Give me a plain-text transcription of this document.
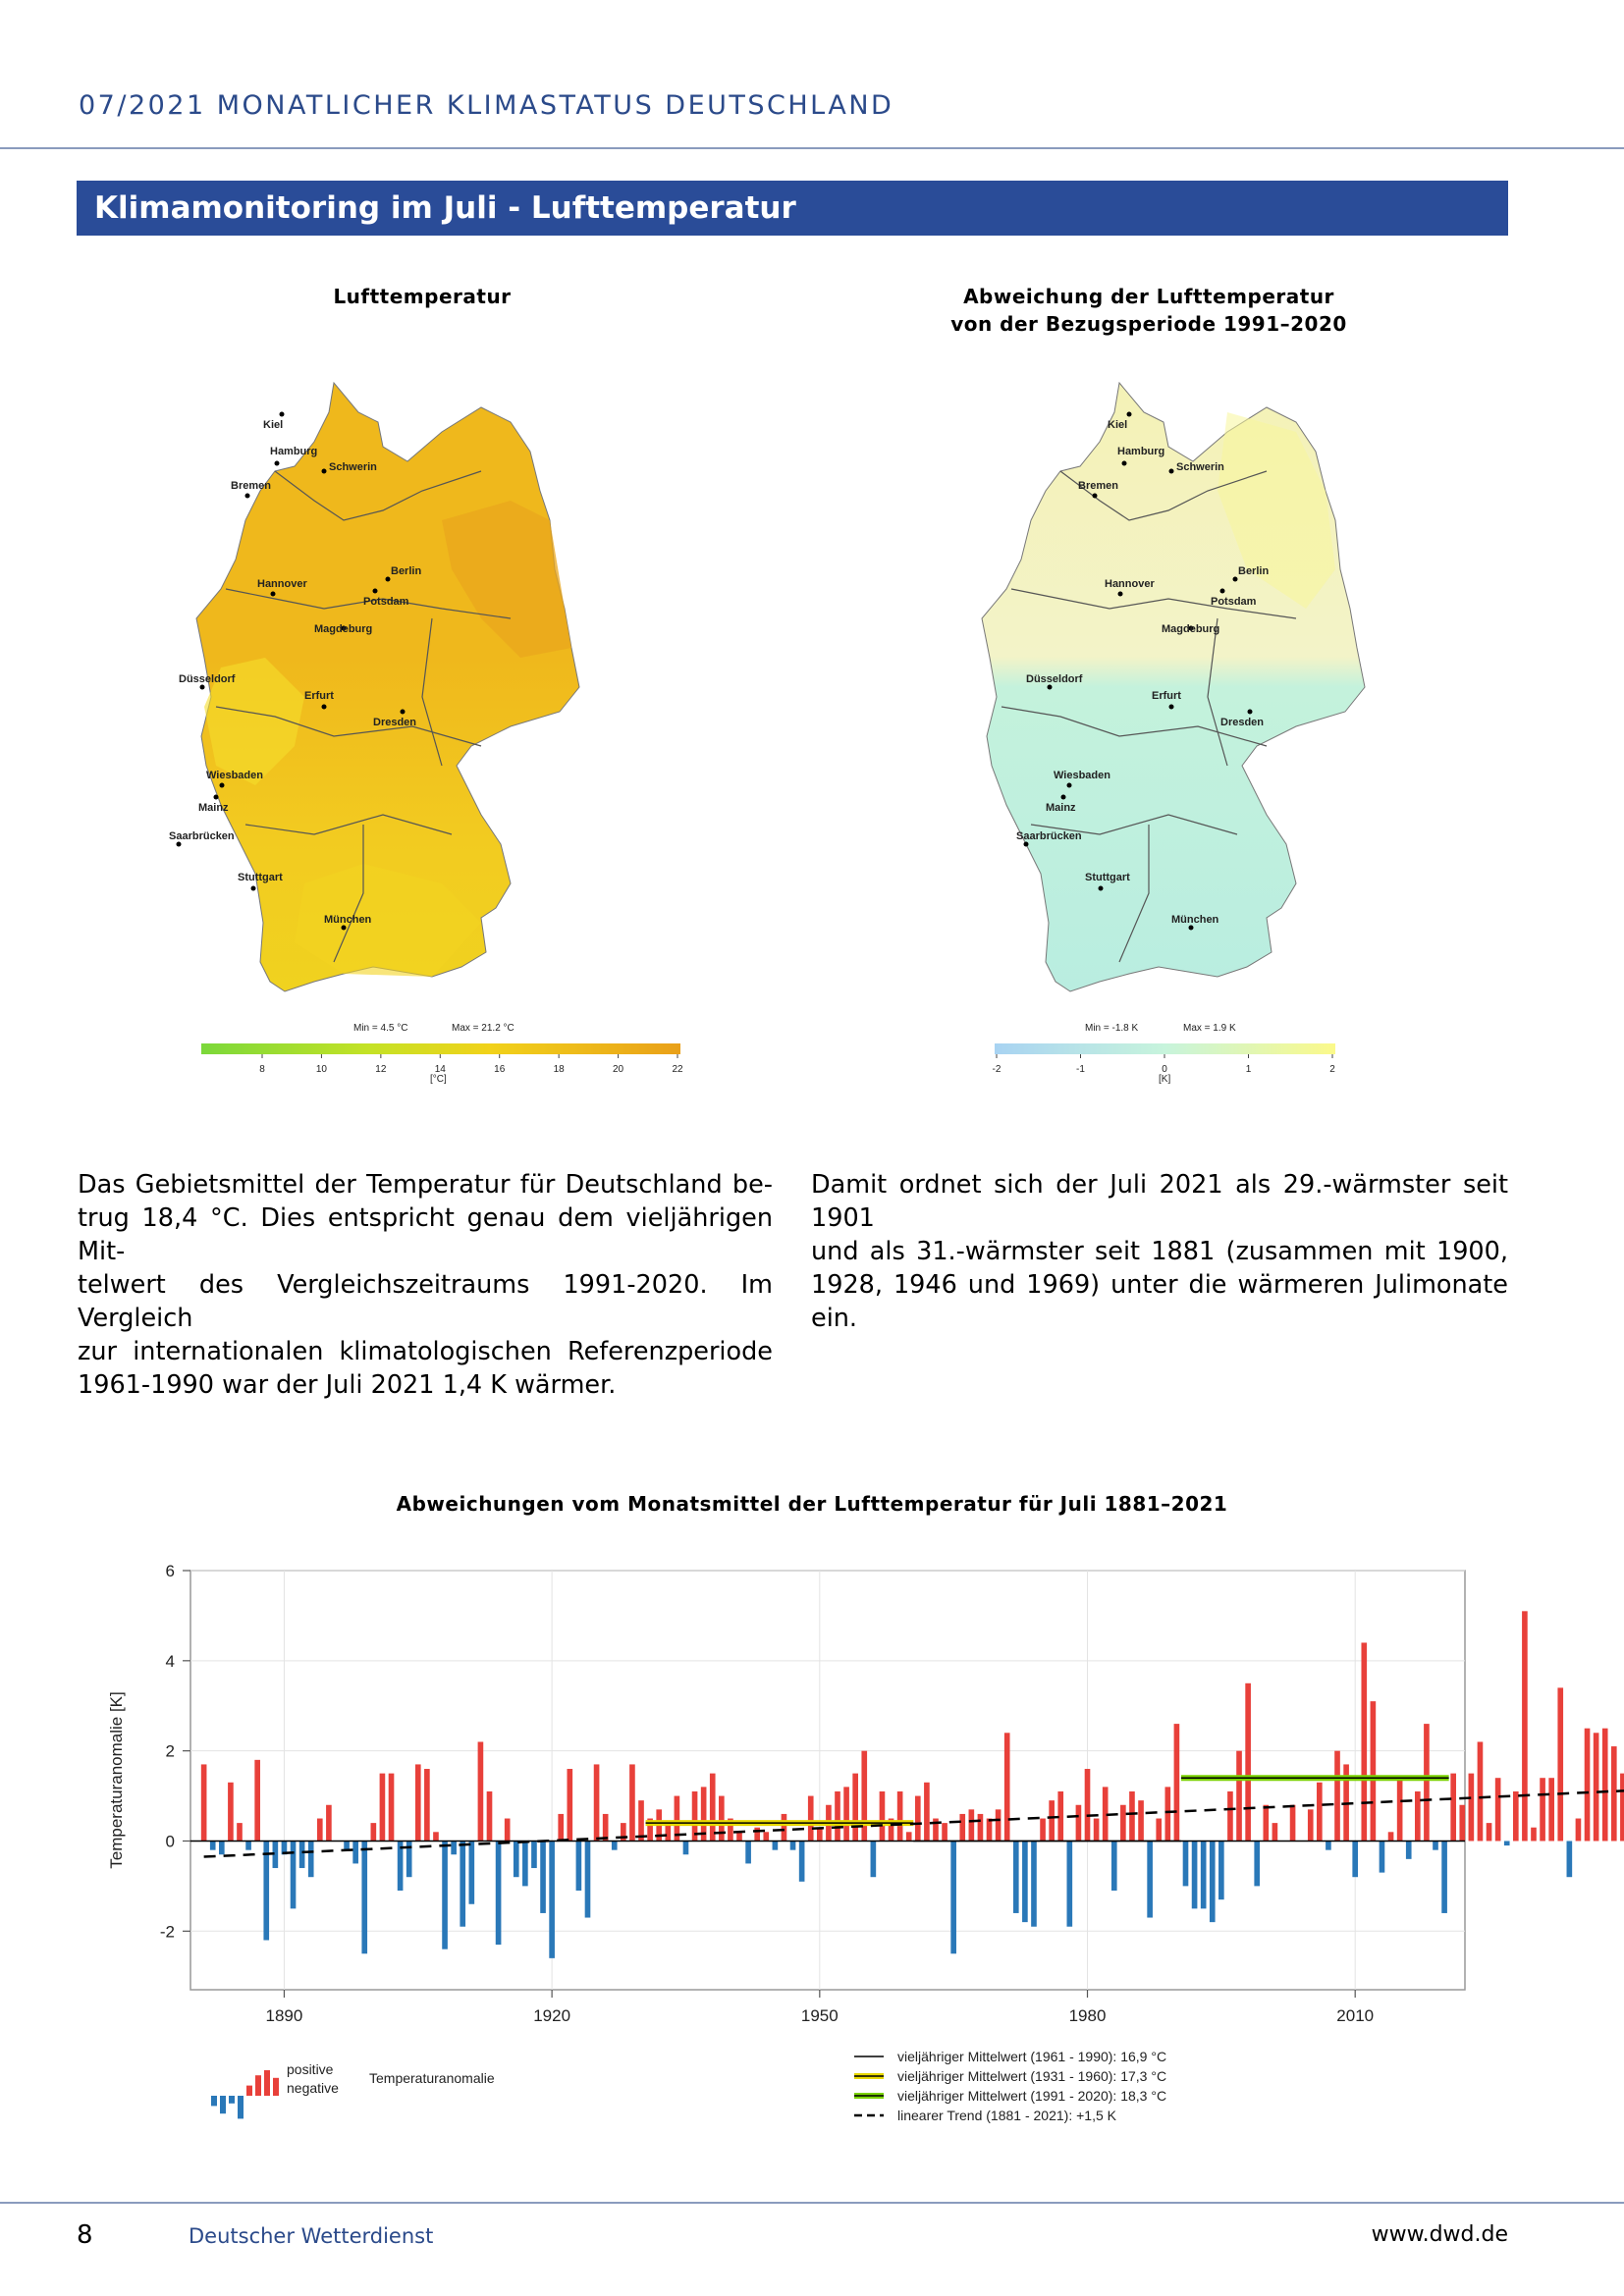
07/2021 MONATLICHER KLIMASTATUS DEUTSCHLAND
Klimamonitoring im Juli - Lufttemperatur
Lufttemperatur
Kiel
Hamburg
Schwerin
Bremen
Berlin
Potsdam
Hannover
Magdeburg
Düsseldorf
Erfurt
Dresden
Wiesbaden
Mainz
Saarbrücken
Stuttgart
München
Min = 4.5 °C	Max = 21.2 °C
8	10	12	14	16	18	20	22
[°C]
Abweichung der Lufttemperatur
von der Bezugsperiode 1991–2020
Kiel
Hamburg
Schwerin
Bremen
Berlin
Potsdam
Hannover
Magdeburg
Düsseldorf
Erfurt
Dresden
Wiesbaden
Mainz
Saarbrücken
Stuttgart
München
Min = -1.8 K	Max = 1.9 K
-2	-1	0	1	2
[K]
Das Gebietsmittel der Temperatur für Deutschland be-
trug 18,4 °C. Dies entspricht genau dem vieljährigen Mit-
telwert des Vergleichszeitraums 1991-2020. Im Vergleich
zur internationalen klimatologischen Referenzperiode
1961-1990 war der Juli 2021 1,4 K wärmer.
Damit ordnet sich der Juli 2021 als 29.-wärmster seit 1901
und als 31.-wärmster seit 1881 (zusammen mit 1900,
1928, 1946 und 1969) unter die wärmeren Julimonate ein.
Abweichungen vom Monatsmittel der Lufttemperatur für Juli 1881–2021
6
4
2
0
-2
1890	1920	1950	1980	2010
Temperaturanomalie [K]
positive
negative
Temperaturanomalie
vieljähriger Mittelwert (1961 - 1990): 16,9 °C
vieljähriger Mittelwert (1931 - 1960): 17,3 °C
vieljähriger Mittelwert (1991 - 2020): 18,3 °C
linearer Trend (1881 - 2021): +1,5 K
8	Deutscher Wetterdienst	www.dwd.de
